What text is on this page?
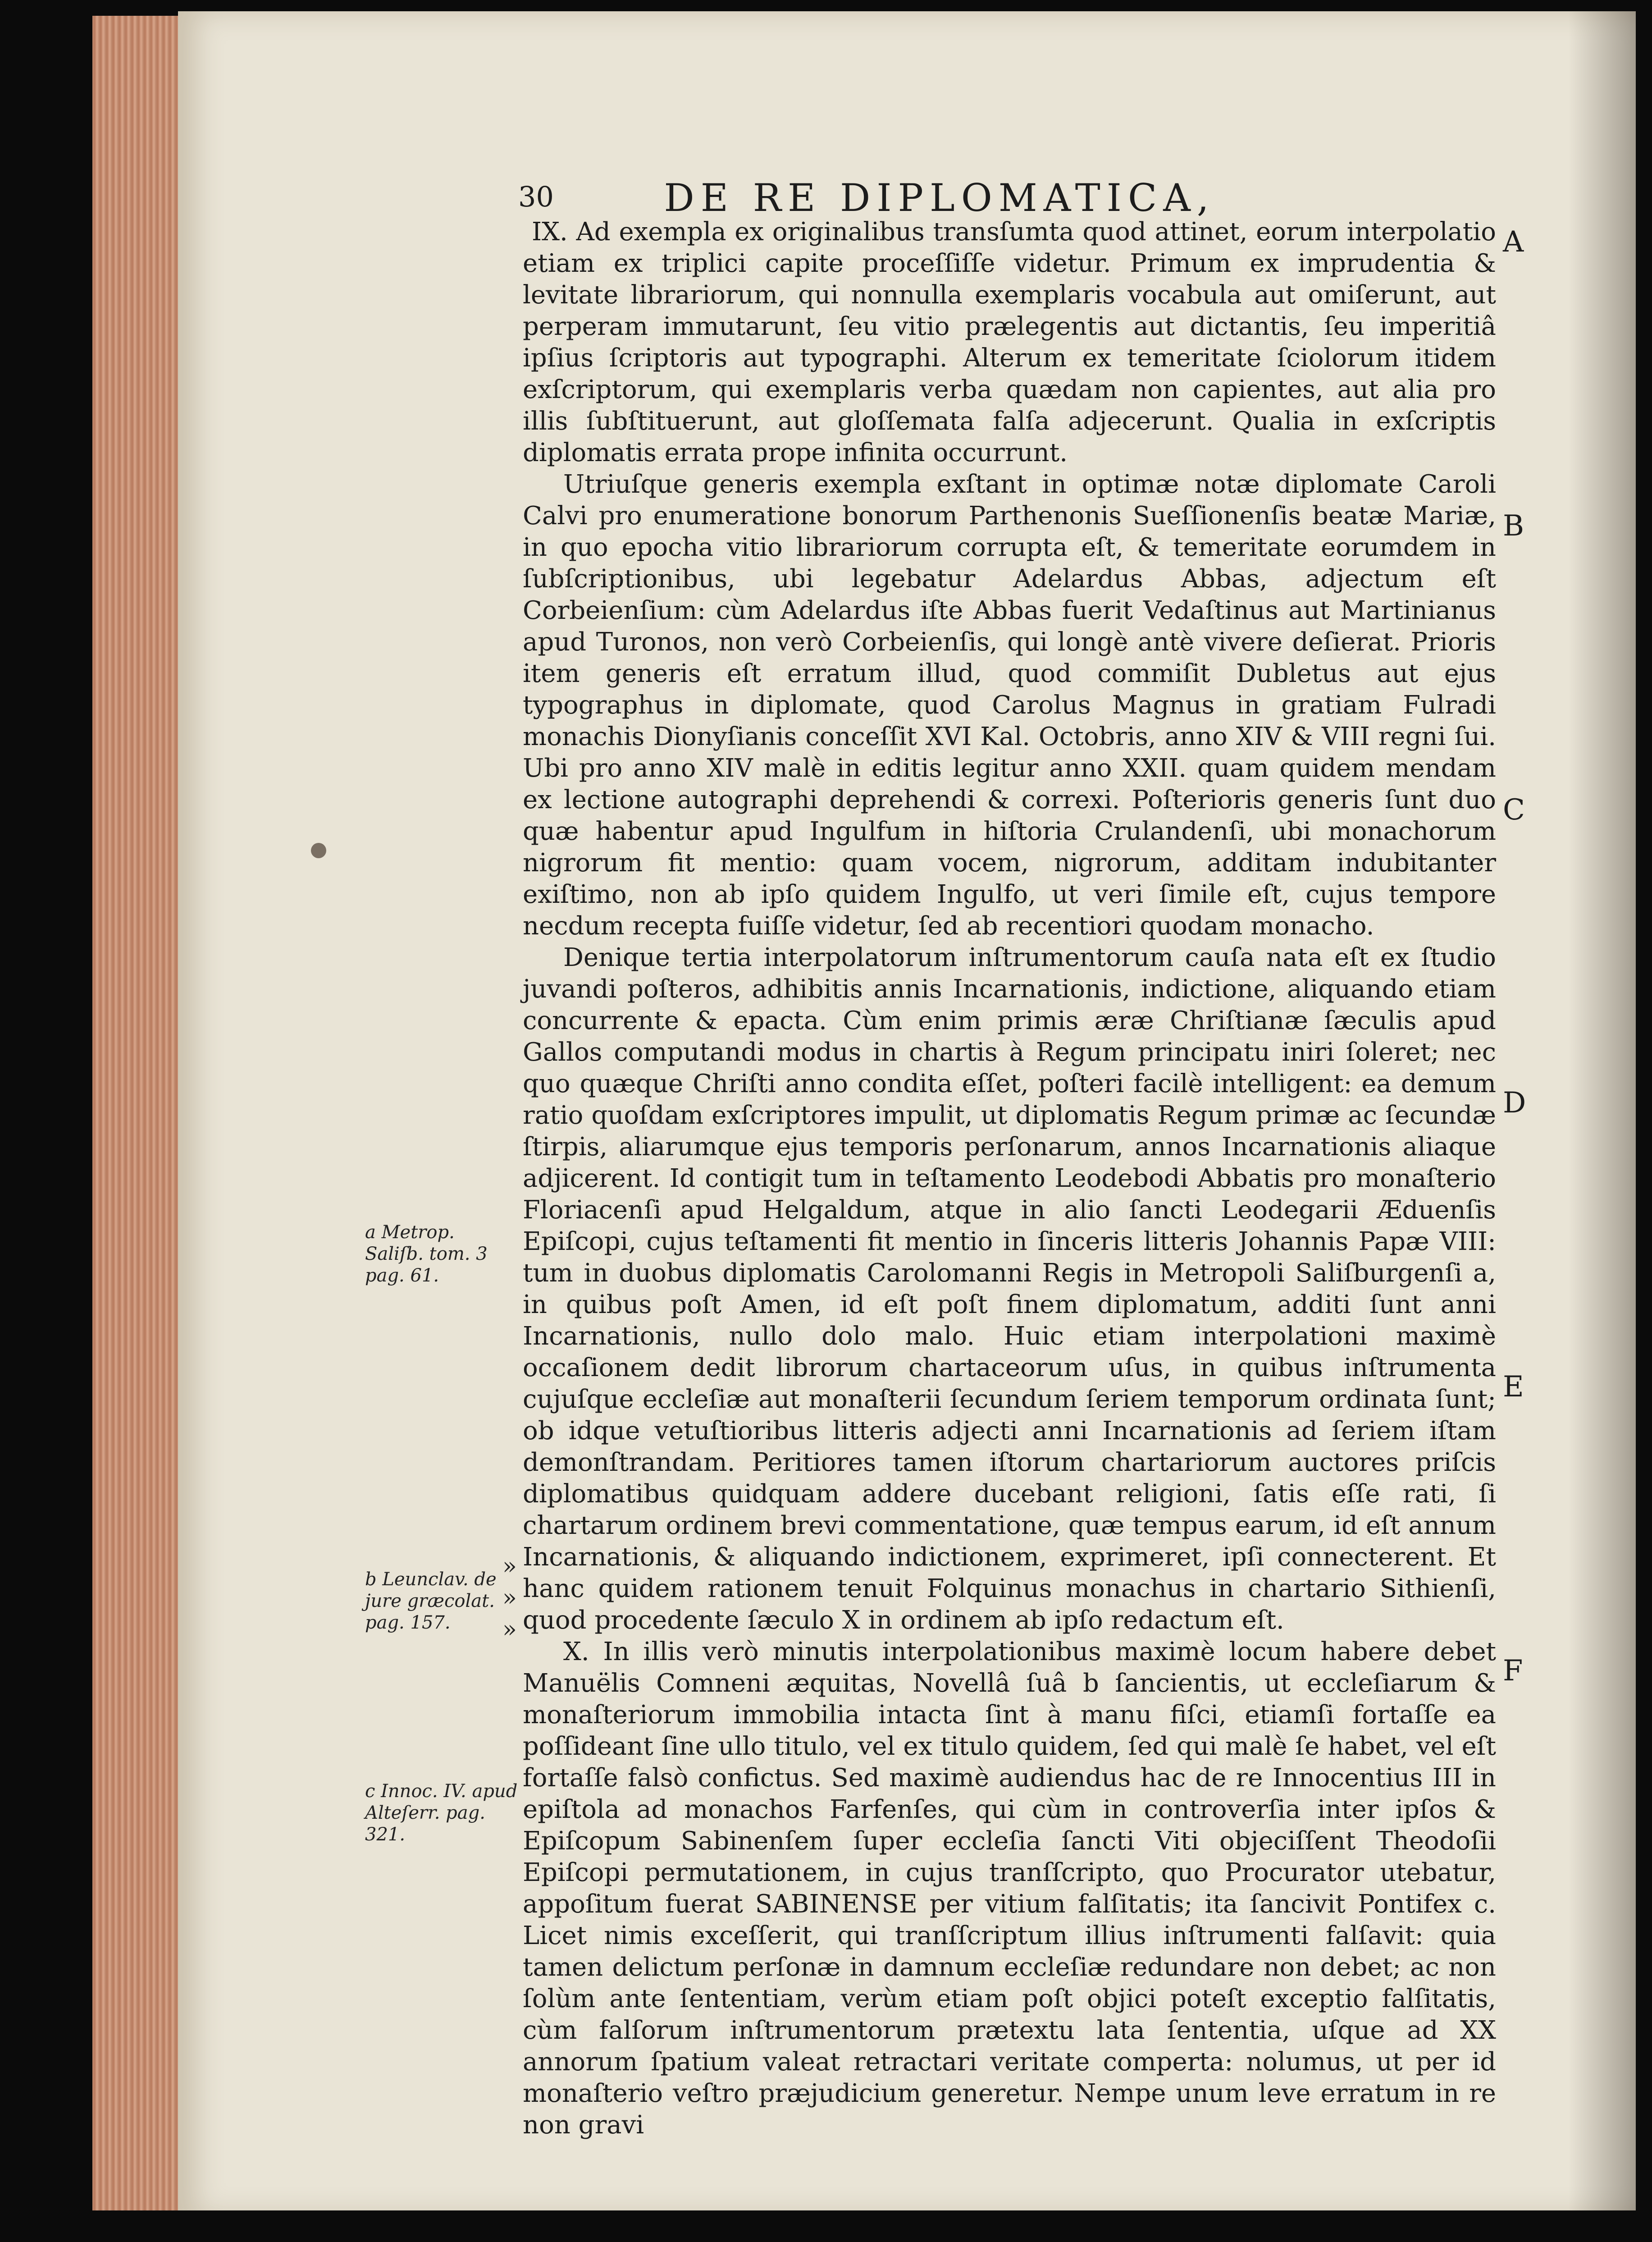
30	DE RE DIPLOMATICA,

IX. Ad exempla ex originalibus transſumta quod attinet, eorum interpolatio etiam ex triplici capite proceſſiſſe videtur. Primum ex imprudentia & levitate librariorum, qui nonnulla exemplaris vocabula aut omiſerunt, aut perperam immutarunt, ſeu vitio prælegentis aut dictantis, ſeu imperitiâ ipſius ſcriptoris aut typographi. Alterum ex temeritate ſciolorum itidem exſcriptorum, qui exemplaris verba quædam non capientes, aut alia pro illis ſubſtituerunt, aut gloſſemata falſa adjecerunt. Qualia in exſcriptis diplomatis errata prope infinita occurrunt.

Utriuſque generis exempla exſtant in optimæ notæ diplomate Caroli Calvi pro enumeratione bonorum Parthenonis Sueſſionenſis beatæ Mariæ, in quo epocha vitio librariorum corrupta eſt, & temeritate eorumdem in ſubſcriptionibus, ubi legebatur Adelardus Abbas, adjectum eſt Corbeienſium: cùm Adelardus iſte Abbas fuerit Vedaſtinus aut Martinianus apud Turonos, non verò Corbeienſis, qui longè antè vivere deſierat. Prioris item generis eſt erratum illud, quod commiſit Dubletus aut ejus typographus in diplomate, quod Carolus Magnus in gratiam Fulradi monachis Dionyſianis conceſſit XVI Kal. Octobris, anno XIV & VIII regni ſui. Ubi pro anno XIV malè in editis legitur anno XXII. quam quidem mendam ex lectione autographi deprehendi & correxi. Poſterioris generis ſunt duo quæ habentur apud Ingulfum in hiſtoria Crulandenſi, ubi monachorum nigrorum fit mentio: quam vocem, nigrorum, additam indubitanter exiſtimo, non ab ipſo quidem Ingulfo, ut veri ſimile eſt, cujus tempore necdum recepta fuiſſe videtur, ſed ab recentiori quodam monacho.

Denique tertia interpolatorum inſtrumentorum cauſa nata eſt ex ſtudio juvandi poſteros, adhibitis annis Incarnationis, indictione, aliquando etiam concurrente & epacta. Cùm enim primis æræ Chriſtianæ ſæculis apud Gallos computandi modus in chartis à Regum principatu iniri ſoleret; nec quo quæque Chriſti anno condita eſſet, poſteri facilè intelligent: ea demum ratio quoſdam exſcriptores impulit, ut diplomatis Regum primæ ac ſecundæ ſtirpis, aliarumque ejus temporis perſonarum, annos Incarnationis aliaque adjicerent. Id contigit tum in teſtamento Leodebodi Abbatis pro monaſterio Floriacenſi apud Helgaldum, atque in alio ſancti Leodegarii Æduenſis Epiſcopi, cujus teſtamenti fit mentio in ſinceris litteris Johannis Papæ VIII: tum in duobus diplomatis Carolomanni Regis in Metropoli Saliſburgenſi a, in quibus poſt Amen, id eſt poſt finem diplomatum, additi ſunt anni Incarnationis, nullo dolo malo. Huic etiam interpolationi maximè occaſionem dedit librorum chartaceorum uſus, in quibus inſtrumenta cujuſque eccleſiæ aut monaſterii ſecundum ſeriem temporum ordinata ſunt; ob idque vetuſtioribus litteris adjecti anni Incarnationis ad ſeriem iſtam demonſtrandam. Peritiores tamen iſtorum chartariorum auctores priſcis diplomatibus quidquam addere ducebant religioni, ſatis eſſe rati, ſi chartarum ordinem brevi commentatione, quæ tempus earum, id eſt annum Incarnationis, & aliquando indictionem, exprimeret, ipſi connecterent. Et hanc quidem rationem tenuit Folquinus monachus in chartario Sithienſi, quod procedente ſæculo X in ordinem ab ipſo redactum eſt.

X. In illis verò minutis interpolationibus maximè locum habere debet Manuëlis Comneni æquitas, Novellâ ſuâ b ſancientis, ut eccleſiarum & monaſteriorum immobilia intacta ſint à manu fiſci, etiamſi fortaſſe ea poſſideant ſine ullo titulo, vel ex titulo quidem, ſed qui malè ſe habet, vel eſt fortaſſe falsò confictus. Sed maximè audiendus hac de re Innocentius III in epiſtola ad monachos Farfenſes, qui cùm in controverſia inter ipſos & Epiſcopum Sabinenſem ſuper eccleſia ſancti Viti objeciſſent Theodoſii Epiſcopi permutationem, in cujus tranſſcripto, quo Procurator utebatur, appoſitum fuerat SABINENSE per vitium falſitatis; ita ſancivit Pontifex c. Licet nimis exceſſerit, qui tranſſcriptum illius inſtrumenti falſavit: quia tamen delictum perſonæ in damnum eccleſiæ redundare non debet; ac non ſolùm ante ſententiam, verùm etiam poſt objici poteſt exceptio falſitatis, cùm falſorum inſtrumentorum prætextu lata ſententia, uſque ad XX annorum ſpatium valeat retractari veritate comperta: nolumus, ut per id monaſterio veſtro præjudicium generetur. Nempe unum leve erratum in re non gravi

a Metrop. Saliſb. tom. 3 pag. 61.
b Leunclav. de jure græcolat. pag. 157.
c Innoc. IV. apud Alteſerr. pag. 321.
»
»
»
A
B
C
D
E
F
